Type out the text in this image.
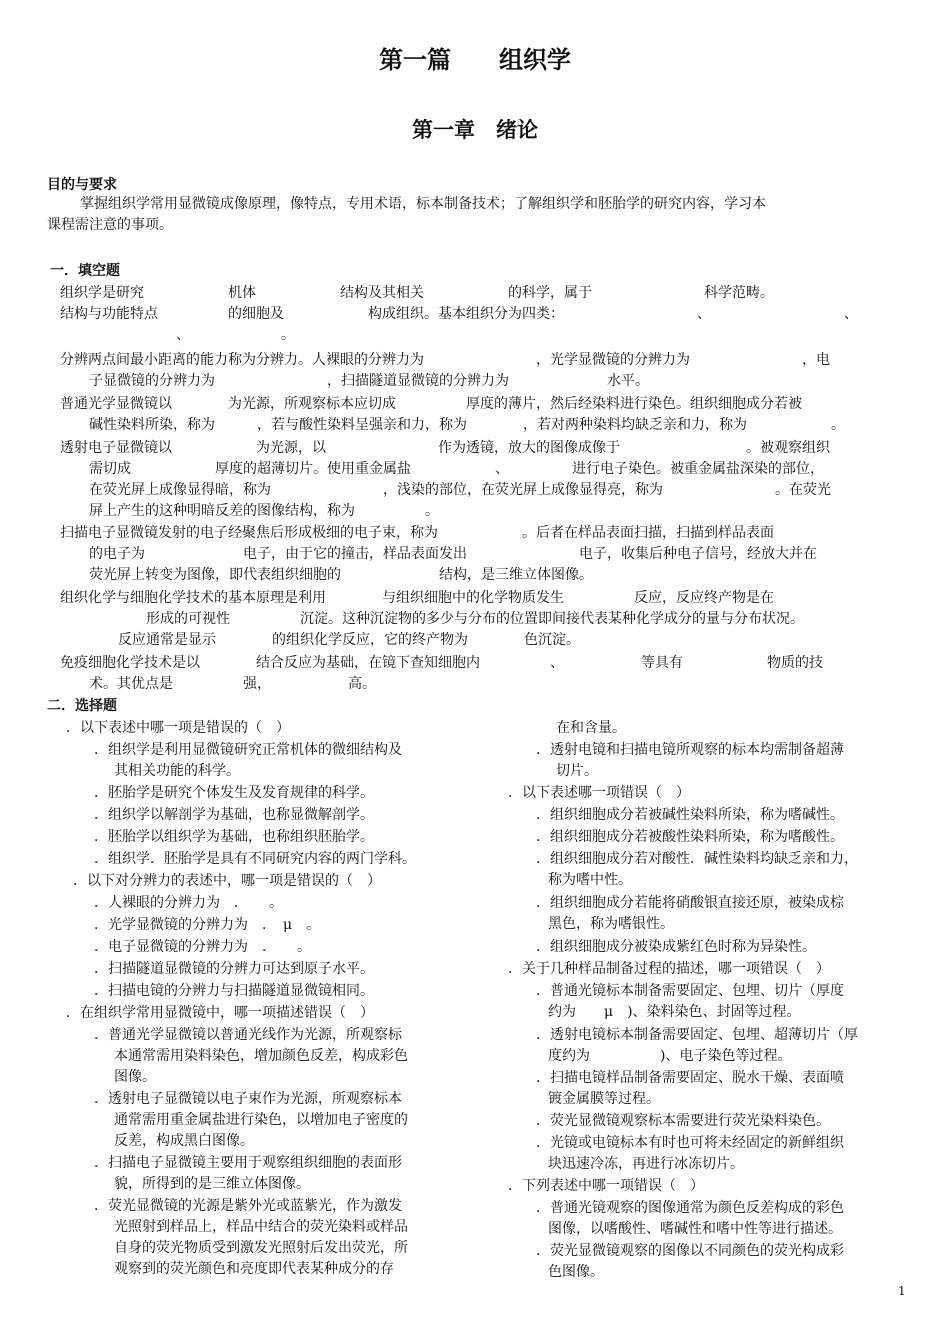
第一篇　　组织学
第一章　绪论
目的与要求
掌握组织学常用显微镜成像原理，像特点，专用术语，标本制备技术；了解组织学和胚胎学的研究内容，学习本
课程需注意的事项。
一．填空题
组织学是研究　　　　　　机体　　　　　　结构及其相关　　　　　　的科学，属于　　　　　　　　科学范畴。
结构与功能特点　　　　　的细胞及　　　　　　构成组织。基本组织分为四类：　　　　　　　　　　、　　　　　　　　　　、
、　　　　　　　。
分辨两点间最小距离的能力称为分辨力。人裸眼的分辨力为　　　　　　　　，光学显微镜的分辨力为　　　　　　　　，电
子显微镜的分辨力为　　　　　　　　，扫描隧道显微镜的分辨力为　　　　　　　水平。
普通光学显微镜以　　　　为光源，所观察标本应切成　　　　　厚度的薄片，然后经染料进行染色。组织细胞成分若被
碱性染料所染，称为　　　，若与酸性染料呈强亲和力，称为　　　　，若对两种染料均缺乏亲和力，称为　　　　　　。
透射电子显微镜以　　　　　　为光源，以　　　　　　　　作为透镜，放大的图像成像于　　　　　　　　　。被观察组织
需切成　　　　　　厚度的超薄切片。使用重金属盐　　　　　　、　　　　　进行电子染色。被重金属盐深染的部位，
在荧光屏上成像显得暗，称为　　　　　　　　，浅染的部位，在荧光屏上成像显得亮，称为　　　　　　　　。在荧光
屏上产生的这种明暗反差的图像结构，称为　　　　　。
扫描电子显微镜发射的电子经聚焦后形成极细的电子束，称为　　　　　　。后者在样品表面扫描，扫描到样品表面
的电子为　　　　　　　电子，由于它的撞击，样品表面发出　　　　　　　　电子，收集后种电子信号，经放大并在
荧光屏上转变为图像，即代表组织细胞的　　　　　　　结构，是三维立体图像。
组织化学与细胞化学技术的基本原理是利用　　　　与组织细胞中的化学物质发生　　　　　反应，反应终产物是在
形成的可视性　　　　　沉淀。这种沉淀物的多少与分布的位置即间接代表某种化学成分的量与分布状况。
反应通常是显示　　　　的组织化学反应，它的终产物为　　　　色沉淀。
免疫细胞化学技术是以　　　　结合反应为基础，在镜下查知细胞内　　　　　、　　　　　　等具有　　　　　　物质的技
术。其优点是　　　　　强，　　　　　　高。
二．选择题
．以下表述中哪一项是错误的（　）
．组织学是利用显微镜研究正常机体的微细结构及
其相关功能的科学。
．胚胎学是研究个体发生及发育规律的科学。
．组织学以解剖学为基础，也称显微解剖学。
．胚胎学以组织学为基础，也称组织胚胎学。
．组织学．胚胎学是具有不同研究内容的两门学科。
．以下对分辨力的表述中，哪一项是错误的（　）
．人裸眼的分辨力为　．　　。
．光学显微镜的分辨力为　．　μ　。
．电子显微镜的分辨力为　．　　。
．扫描隧道显微镜的分辨力可达到原子水平。
．扫描电镜的分辨力与扫描隧道显微镜相同。
．在组织学常用显微镜中，哪一项描述错误（　）
．普通光学显微镜以普通光线作为光源，所观察标
本通常需用染料染色，增加颜色反差，构成彩色
图像。
．透射电子显微镜以电子束作为光源，所观察标本
通常需用重金属盐进行染色，以增加电子密度的
反差，构成黑白图像。
．扫描电子显微镜主要用于观察组织细胞的表面形
貌，所得到的是三维立体图像。
．荧光显微镜的光源是紫外光或蓝紫光，作为激发
光照射到样品上，样品中结合的荧光染料或样品
自身的荧光物质受到激发光照射后发出荧光，所
观察到的荧光颜色和亮度即代表某种成分的存
在和含量。
．透射电镜和扫描电镜所观察的标本均需制备超薄
切片。
．以下表述哪一项错误（　）
．组织细胞成分若被碱性染料所染，称为嗜碱性。
．组织细胞成分若被酸性染料所染，称为嗜酸性。
．组织细胞成分若对酸性．碱性染料均缺乏亲和力，
称为嗜中性。
．组织细胞成分若能将硝酸银直接还原，被染成棕
黑色，称为嗜银性。
．组织细胞成分被染成紫红色时称为异染性。
．关于几种样品制备过程的描述，哪一项错误（　）
．普通光镜标本制备需要固定、包埋、切片（厚度
约为　　μ　)、染料染色、封固等过程。
．透射电镜标本制备需要固定、包埋、超薄切片（厚
度约为　　　　　)、电子染色等过程。
．扫描电镜样品制备需要固定、脱水干燥、表面喷
镀金属膜等过程。
．荧光显微镜观察标本需要进行荧光染料染色。
．光镜或电镜标本有时也可将未经固定的新鲜组织
块迅速冷冻，再进行冰冻切片。
．下列表述中哪一项错误（　）
．普通光镜观察的图像通常为颜色反差构成的彩色
图像，以嗜酸性、嗜碱性和嗜中性等进行描述。
．荧光显微镜观察的图像以不同颜色的荧光构成彩
色图像。
1
